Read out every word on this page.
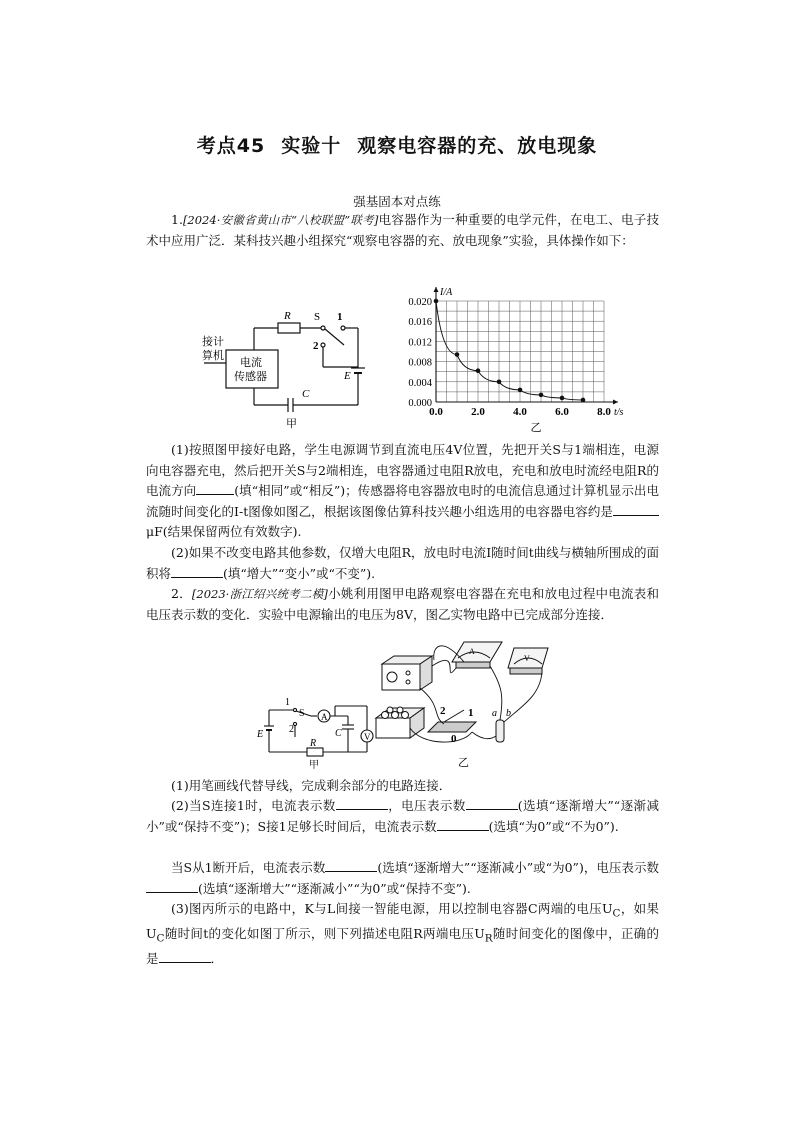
考点45 实验十 观察电容器的充、放电现象
强基固本对点练
1.[2024·安徽省黄山市“八校联盟”联考]电容器作为一种重要的电学元件，在电工、电子技术中应用广泛．某科技兴趣小组探究“观察电容器的充、放电现象”实验，具体操作如下：
R S 1
2
E
C
接计
算机
电流
传感器
甲
0.0	2.0	4.0	6.0	8.0
0.000
0.004
0.008
0.012
0.016
0.020
t/s
I/A
乙
(1)按照图甲接好电路，学生电源调节到直流电压4V位置，先把开关S与1端相连，电源向电容器充电，然后把开关S与2端相连，电容器通过电阻R放电，充电和放电时流经电阻R的电流方向	(填“相同”或“相反”)；传感器将电容器放电时的电流信息通过计算机显示出电流随时间变化的I-t图像如图乙，根据该图像估算科技兴趣小组选用的电容器电容约是μF(结果保留两位有效数字).
(2)如果不改变电路其他参数，仅增大电阻R，放电时电流I随时间t曲线与横轴所围成的面积将	(填“增大”“变小”或“不变”).
2．[2023·浙江绍兴统考二模]小姚利用图甲电路观察电容器在充电和放电过程中电流表和电压表示数的变化．实验中电源输出的电压为8V，图乙实物电路中已完成部分连接．
1
S
2
A
V
E
R
C
甲
A
V
2 1
0
a b
乙
(1)用笔画线代替导线，完成剩余部分的电路连接．
(2)当S连接1时，电流表示数	，电压表示数	(选填“逐渐增大”“逐渐减小”或“保持不变”)；S接1足够长时间后，电流表示数	(选填“为0”或“不为0”).
当S从1断开后，电流表示数	(选填“逐渐增大”“逐渐减小”或“为0”)，电压表示数(选填“逐渐增大”“逐渐减小”“为0”或“保持不变”).
(3)图丙所示的电路中，K与L间接一智能电源，用以控制电容器C两端的电压$U_C$，如果$U_C$随时间t的变化如图丁所示，则下列描述电阻R两端电压$U_R$随时间变化的图像中，正确的是	．
